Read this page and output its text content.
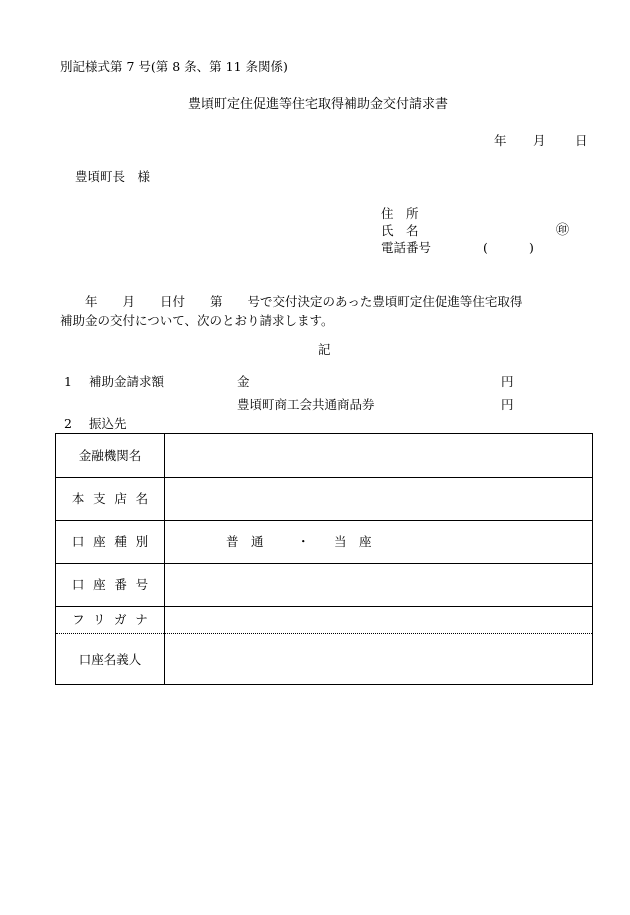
別記様式第 7 号(第 8 条、第 11 条関係)
豊頃町定住促進等住宅取得補助金交付請求書
年 月 日
豊頃町長　様
住　所
氏　名	㊞
電話番号	(	)
　　年　　月　　日付　　第　　号で交付決定のあった豊頃町定住促進等住宅取得
補助金の交付について、次のとおり請求します。
記
1 補助金請求額	金	円
豊頃町商工会共通商品券	円
2 振込先
金融機関名
本支店名
口座種別	普　通	・ 当　座
口座番号
フリガナ
口座名義人
